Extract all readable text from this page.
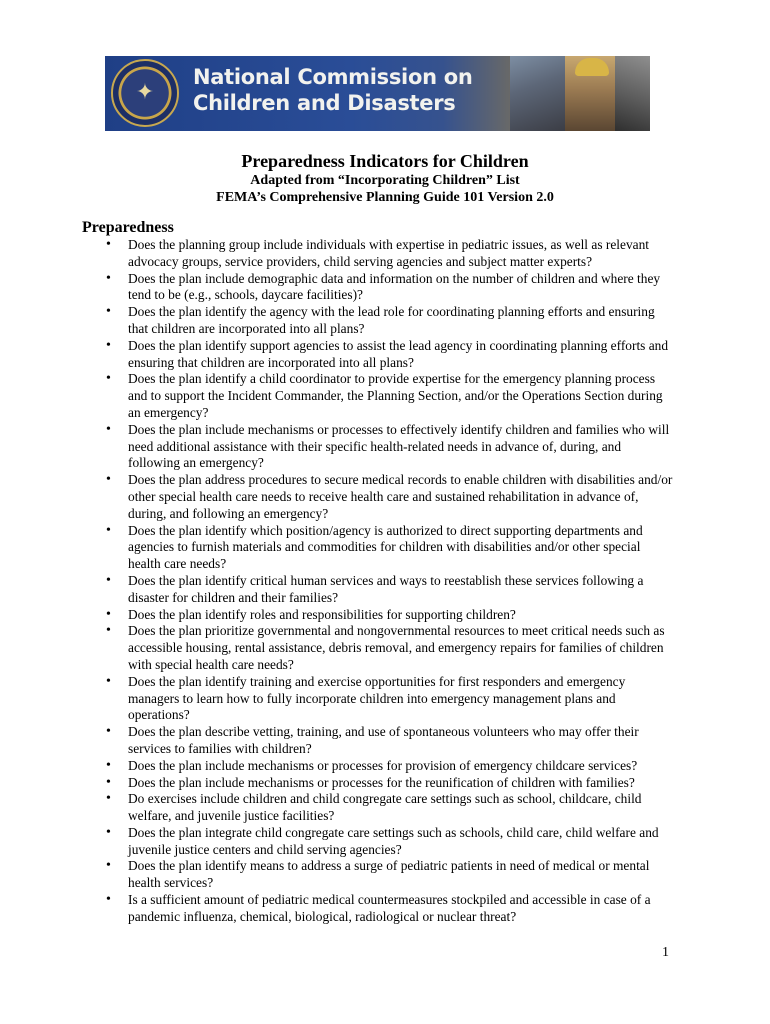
✦
National Commission on
Children and Disasters
Preparedness Indicators for Children
Adapted from “Incorporating Children” List
FEMA’s Comprehensive Planning Guide 101 Version 2.0
Preparedness
• Does the planning group include individuals with expertise in pediatric issues, as well as relevant advocacy groups, service providers, child serving agencies and subject matter experts?
• Does the plan include demographic data and information on the number of children and where they tend to be (e.g., schools, daycare facilities)?
• Does the plan identify the agency with the lead role for coordinating planning efforts and ensuring that children are incorporated into all plans?
• Does the plan identify support agencies to assist the lead agency in coordinating planning efforts and ensuring that children are incorporated into all plans?
• Does the plan identify a child coordinator to provide expertise for the emergency planning process and to support the Incident Commander, the Planning Section, and/or the Operations Section during an emergency?
• Does the plan include mechanisms or processes to effectively identify children and families who will need additional assistance with their specific health-related needs in advance of, during, and following an emergency?
• Does the plan address procedures to secure medical records to enable children with disabilities and/or other special health care needs to receive health care and sustained rehabilitation in advance of, during, and following an emergency?
• Does the plan identify which position/agency is authorized to direct supporting departments and agencies to furnish materials and commodities for children with disabilities and/or other special health care needs?
• Does the plan identify critical human services and ways to reestablish these services following a disaster for children and their families?
• Does the plan identify roles and responsibilities for supporting children?
• Does the plan prioritize governmental and nongovernmental resources to meet critical needs such as accessible housing, rental assistance, debris removal, and emergency repairs for families of children with special health care needs?
• Does the plan identify training and exercise opportunities for first responders and emergency managers to learn how to fully incorporate children into emergency management plans and operations?
• Does the plan describe vetting, training, and use of spontaneous volunteers who may offer their services to families with children?
• Does the plan include mechanisms or processes for provision of emergency childcare services?
• Does the plan include mechanisms or processes for the reunification of children with families?
• Do exercises include children and child congregate care settings such as school, childcare, child welfare, and juvenile justice facilities?
• Does the plan integrate child congregate care settings such as schools, child care, child welfare and juvenile justice centers and child serving agencies?
• Does the plan identify means to address a surge of pediatric patients in need of medical or mental health services?
• Is a sufficient amount of pediatric medical countermeasures stockpiled and accessible in case of a pandemic influenza, chemical, biological, radiological or nuclear threat?
1
